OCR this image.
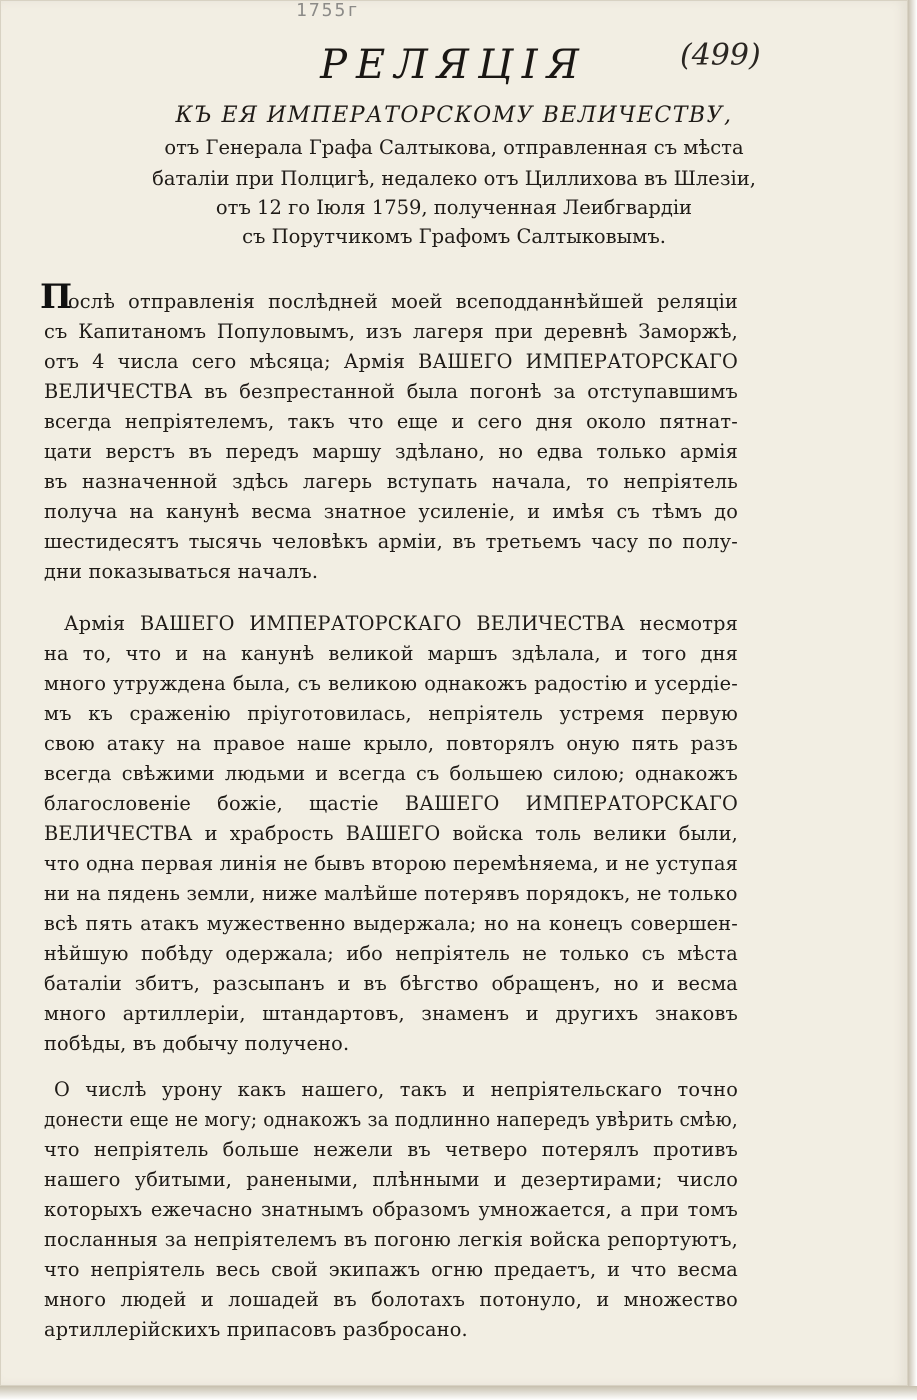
1755г
(499)
РЕЛЯЦІЯ
КЪ ЕЯ ИМПЕРАТОРСКОМУ ВЕЛИЧЕСТВУ,
отъ Генерала Графа Салтыкова, отправленная съ мѣста
баталіи при Полцигѣ, недалеко отъ Циллихова въ Шлезіи,
отъ 12 го Іюля 1759, полученная Леибгвардіи
съ Порутчикомъ Графомъ Салтыковымъ.
П
ослѣ отправленія послѣдней моей всеподданнѣйшей реляціи
съ Капитаномъ Популовымъ, изъ лагеря при деревнѣ Заморжѣ,
отъ 4 числа сего мѣсяца; Армія ВАШЕГО ИМПЕРАТОРСКАГО
ВЕЛИЧЕСТВА въ безпрестанной была погонѣ за отступавшимъ
всегда непріятелемъ, такъ что еще и сего дня около пятнат-
цати верстъ въ передъ маршу здѣлано, но едва только армія
въ назначенной здѣсь лагерь вступать начала, то непріятель
получа на канунѣ весма знатное усиленіе, и имѣя съ тѣмъ до
шестидесятъ тысячь человѣкъ арміи, въ третьемъ часу по полу-
дни показываться началъ.
Армія ВАШЕГО ИМПЕРАТОРСКАГО ВЕЛИЧЕСТВА несмотря
на то, что и на канунѣ великой маршъ здѣлала, и того дня
много утруждена была, съ великою однакожъ радостію и усердіе-
мъ къ сраженію пріуготовилась, непріятель устремя первую
свою атаку на правое наше крыло, повторялъ оную пять разъ
всегда свѣжими людьми и всегда съ большею силою; однакожъ
благословеніе божіе, щастіе ВАШЕГО ИМПЕРАТОРСКАГО
ВЕЛИЧЕСТВА и храбрость ВАШЕГО войска толь велики были,
что одна первая линія не бывъ второю перемѣняема, и не уступая
ни на пядень земли, ниже малѣйше потерявъ порядокъ, не только
всѣ пять атакъ мужественно выдержала; но на конецъ совершен-
нѣйшую побѣду одержала; ибо непріятель не только съ мѣста
баталіи збитъ, разсыпанъ и въ бѣгство обращенъ, но и весма
много артиллеріи, штандартовъ, знаменъ и другихъ знаковъ
побѣды, въ добычу получено.
О числѣ урону какъ нашего, такъ и непріятельскаго точно
донести еще не могу; однакожъ за подлинно напередъ увѣрить смѣю,
что непріятель больше нежели въ четверо потерялъ противъ
нашего убитыми, ранеными, плѣнными и дезертирами; число
которыхъ ежечасно знатнымъ образомъ умножается, а при томъ
посланныя за непріятелемъ въ погоню легкія войска репортуютъ,
что непріятель весь свой экипажъ огню предаетъ, и что весма
много людей и лошадей въ болотахъ потонуло, и множество
артиллерійскихъ припасовъ разбросано.
